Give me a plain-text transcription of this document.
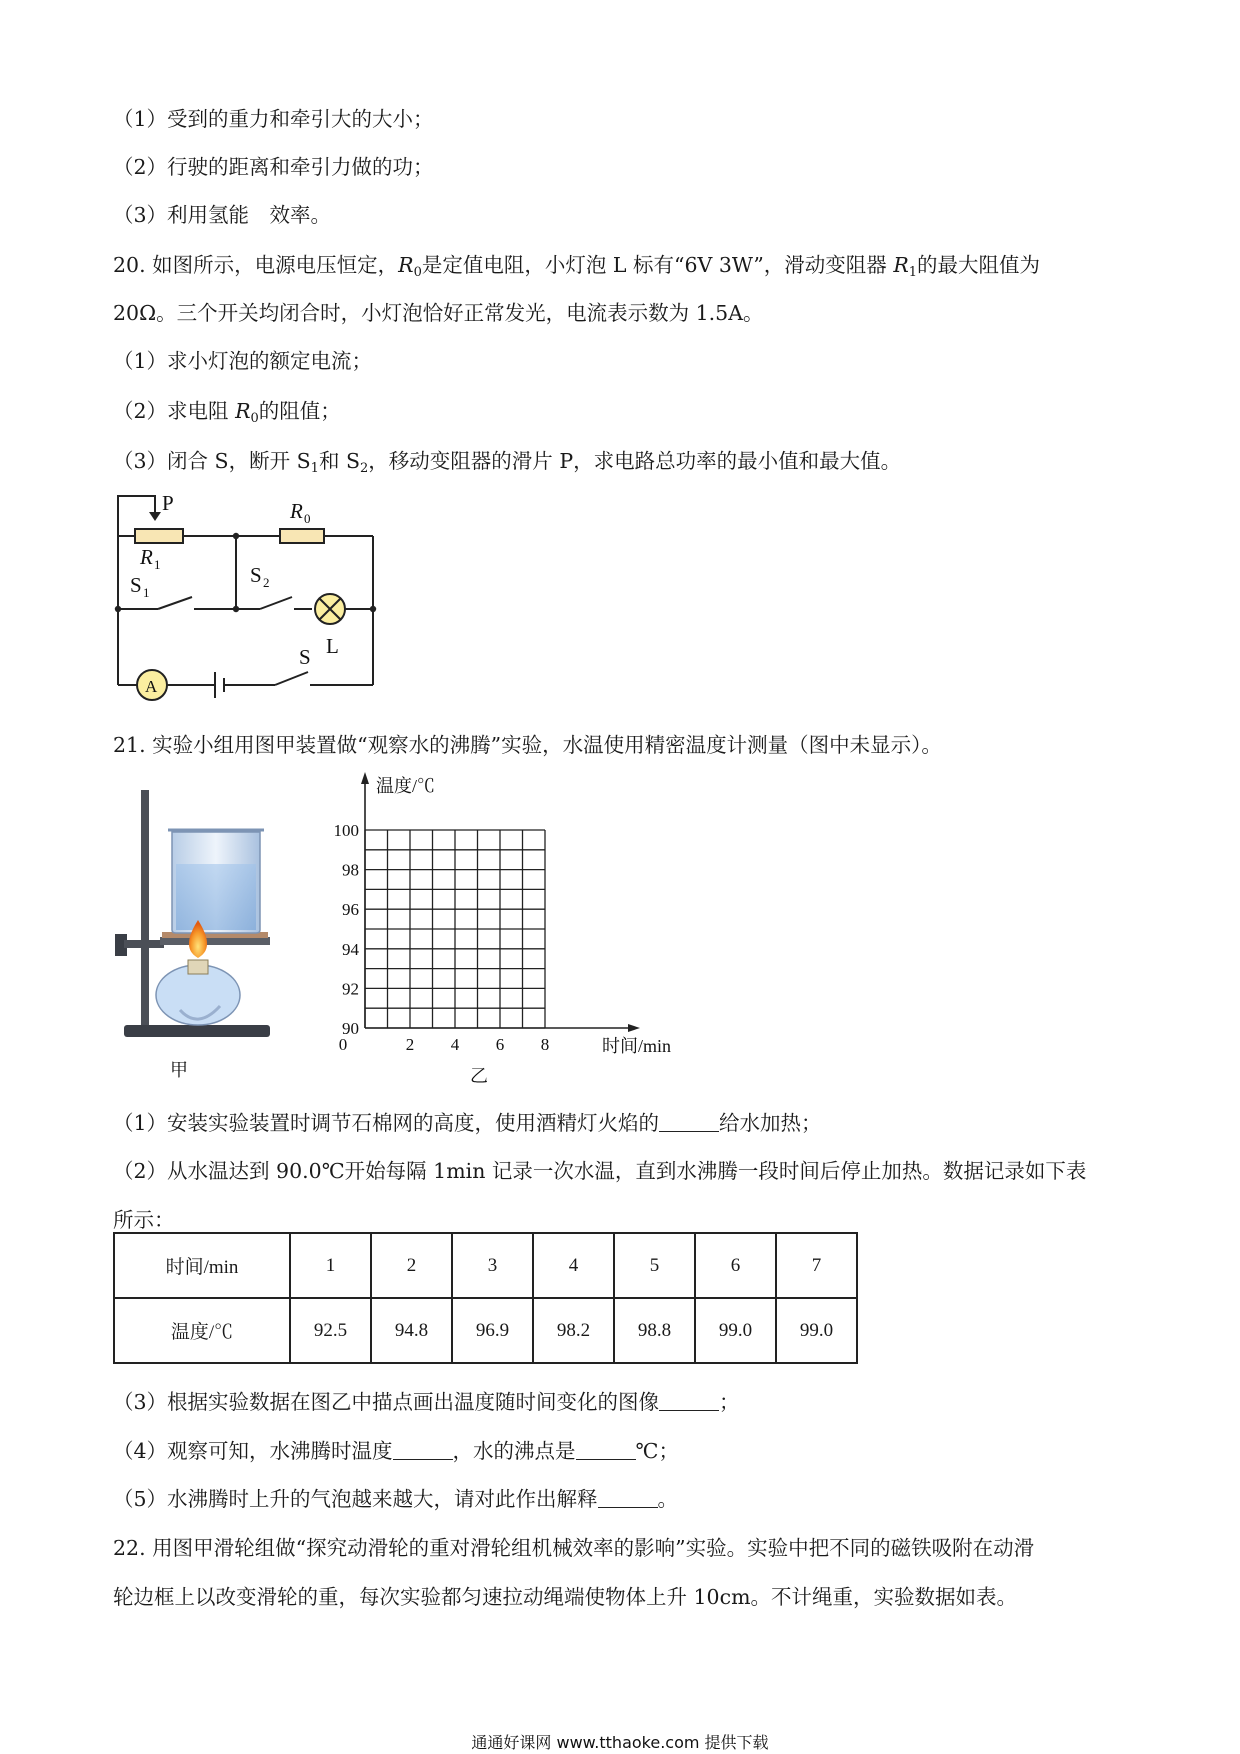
（1）受到的重力和牵引大的大小；
（2）行驶的距离和牵引力做的功；
（3）利用氢能　效率。
20. 如图所示，电源电压恒定，$R_0$是定值电阻，小灯泡 L 标有“6V 3W”，滑动变阻器 $R_1$的最大阻值为
20Ω。三个开关均闭合时，小灯泡恰好正常发光，电流表示数为 1.5A。
（1）求小灯泡的额定电流；
（2）求电阻 $R_0$的阻值；
（3）闭合 S，断开 $S_1$和 $S_2$，移动变阻器的滑片 P，求电路总功率的最小值和最大值。
P	R 0
R 1
S 1
S 2
L
S
A
21. 实验小组用图甲装置做“观察水的沸腾”实验，水温使用精密温度计测量（图中未显示）。
甲
100
98
96
94
92
90
0	2 4 6 8
温度/℃
时间/min
乙
（1）安装实验装置时调节石棉网的高度，使用酒精灯火焰的	给水加热；
（2）从水温达到 90.0℃开始每隔 1min 记录一次水温，直到水沸腾一段时间后停止加热。数据记录如下表
所示：
时间/min	1	2	3	4	5	6	7
温度/℃	92.5	94.8	96.9	98.2	98.8	99.0	99.0
（3）根据实验数据在图乙中描点画出温度随时间变化的图像	；
（4）观察可知，水沸腾时温度	，水的沸点是	℃；
（5）水沸腾时上升的气泡越来越大，请对此作出解释	。
22. 用图甲滑轮组做“探究动滑轮的重对滑轮组机械效率的影响”实验。实验中把不同的磁铁吸附在动滑
轮边框上以改变滑轮的重，每次实验都匀速拉动绳端使物体上升 10cm。不计绳重，实验数据如表。
通通好课网 www.tthaoke.com 提供下载
